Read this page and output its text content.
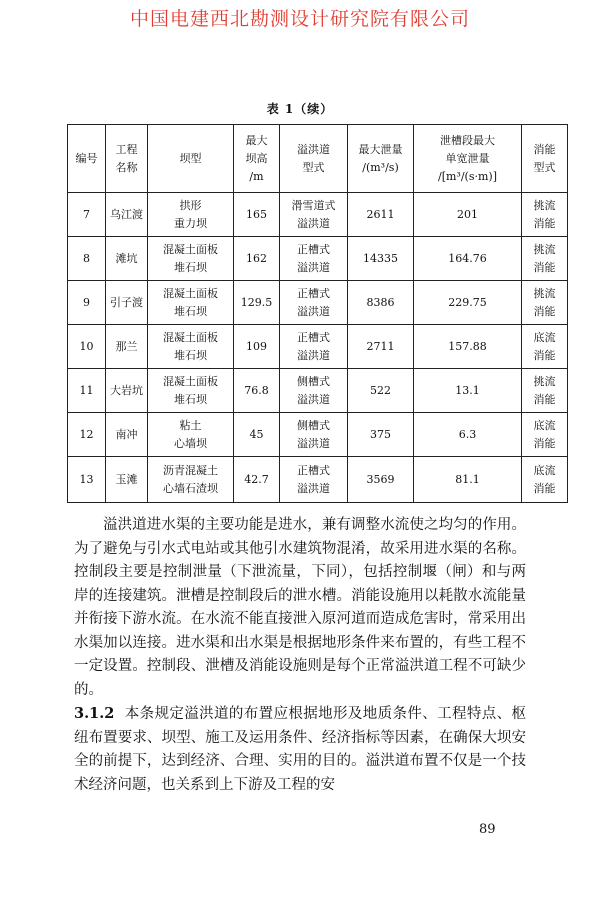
中国电建西北勘测设计研究院有限公司
表 1（续）
编号	工程
名称	坝型	最大
坝高
/m	溢洪道
型式	最大泄量
/(m³/s)	泄槽段最大
单宽泄量
/[m³/(s·m)]	消能
型式
7	乌江渡	拱形
重力坝	165	滑雪道式
溢洪道	2611	201	挑流
消能
8	滩坑	混凝土面板
堆石坝	162	正槽式
溢洪道	14335	164.76	挑流
消能
9	引子渡	混凝土面板
堆石坝	129.5	正槽式
溢洪道	8386	229.75	挑流
消能
10	那兰	混凝土面板
堆石坝	109	正槽式
溢洪道	2711	157.88	底流
消能
11	大岩坑	混凝土面板
堆石坝	76.8	侧槽式
溢洪道	522	13.1	挑流
消能
12	南冲	粘土
心墙坝	45	侧槽式
溢洪道	375	6.3	底流
消能
13	玉滩	沥青混凝土
心墙石渣坝	42.7	正槽式
溢洪道	3569	81.1	底流
消能

溢洪道进水渠的主要功能是进水，兼有调整水流使之均匀的作用。为了避免与引水式电站或其他引水建筑物混淆，故采用进水渠的名称。控制段主要是控制泄量（下泄流量，下同），包括控制堰（闸）和与两岸的连接建筑。泄槽是控制段后的泄水槽。消能设施用以耗散水流能量并衔接下游水流。在水流不能直接泄入原河道而造成危害时，常采用出水渠加以连接。进水渠和出水渠是根据地形条件来布置的，有些工程不一定设置。控制段、泄槽及消能设施则是每个正常溢洪道工程不可缺少的。

3.1.2 本条规定溢洪道的布置应根据地形及地质条件、工程特点、枢纽布置要求、坝型、施工及运用条件、经济指标等因素，在确保大坝安全的前提下，达到经济、合理、实用的目的。溢洪道布置不仅是一个技术经济问题，也关系到上下游及工程的安

89
